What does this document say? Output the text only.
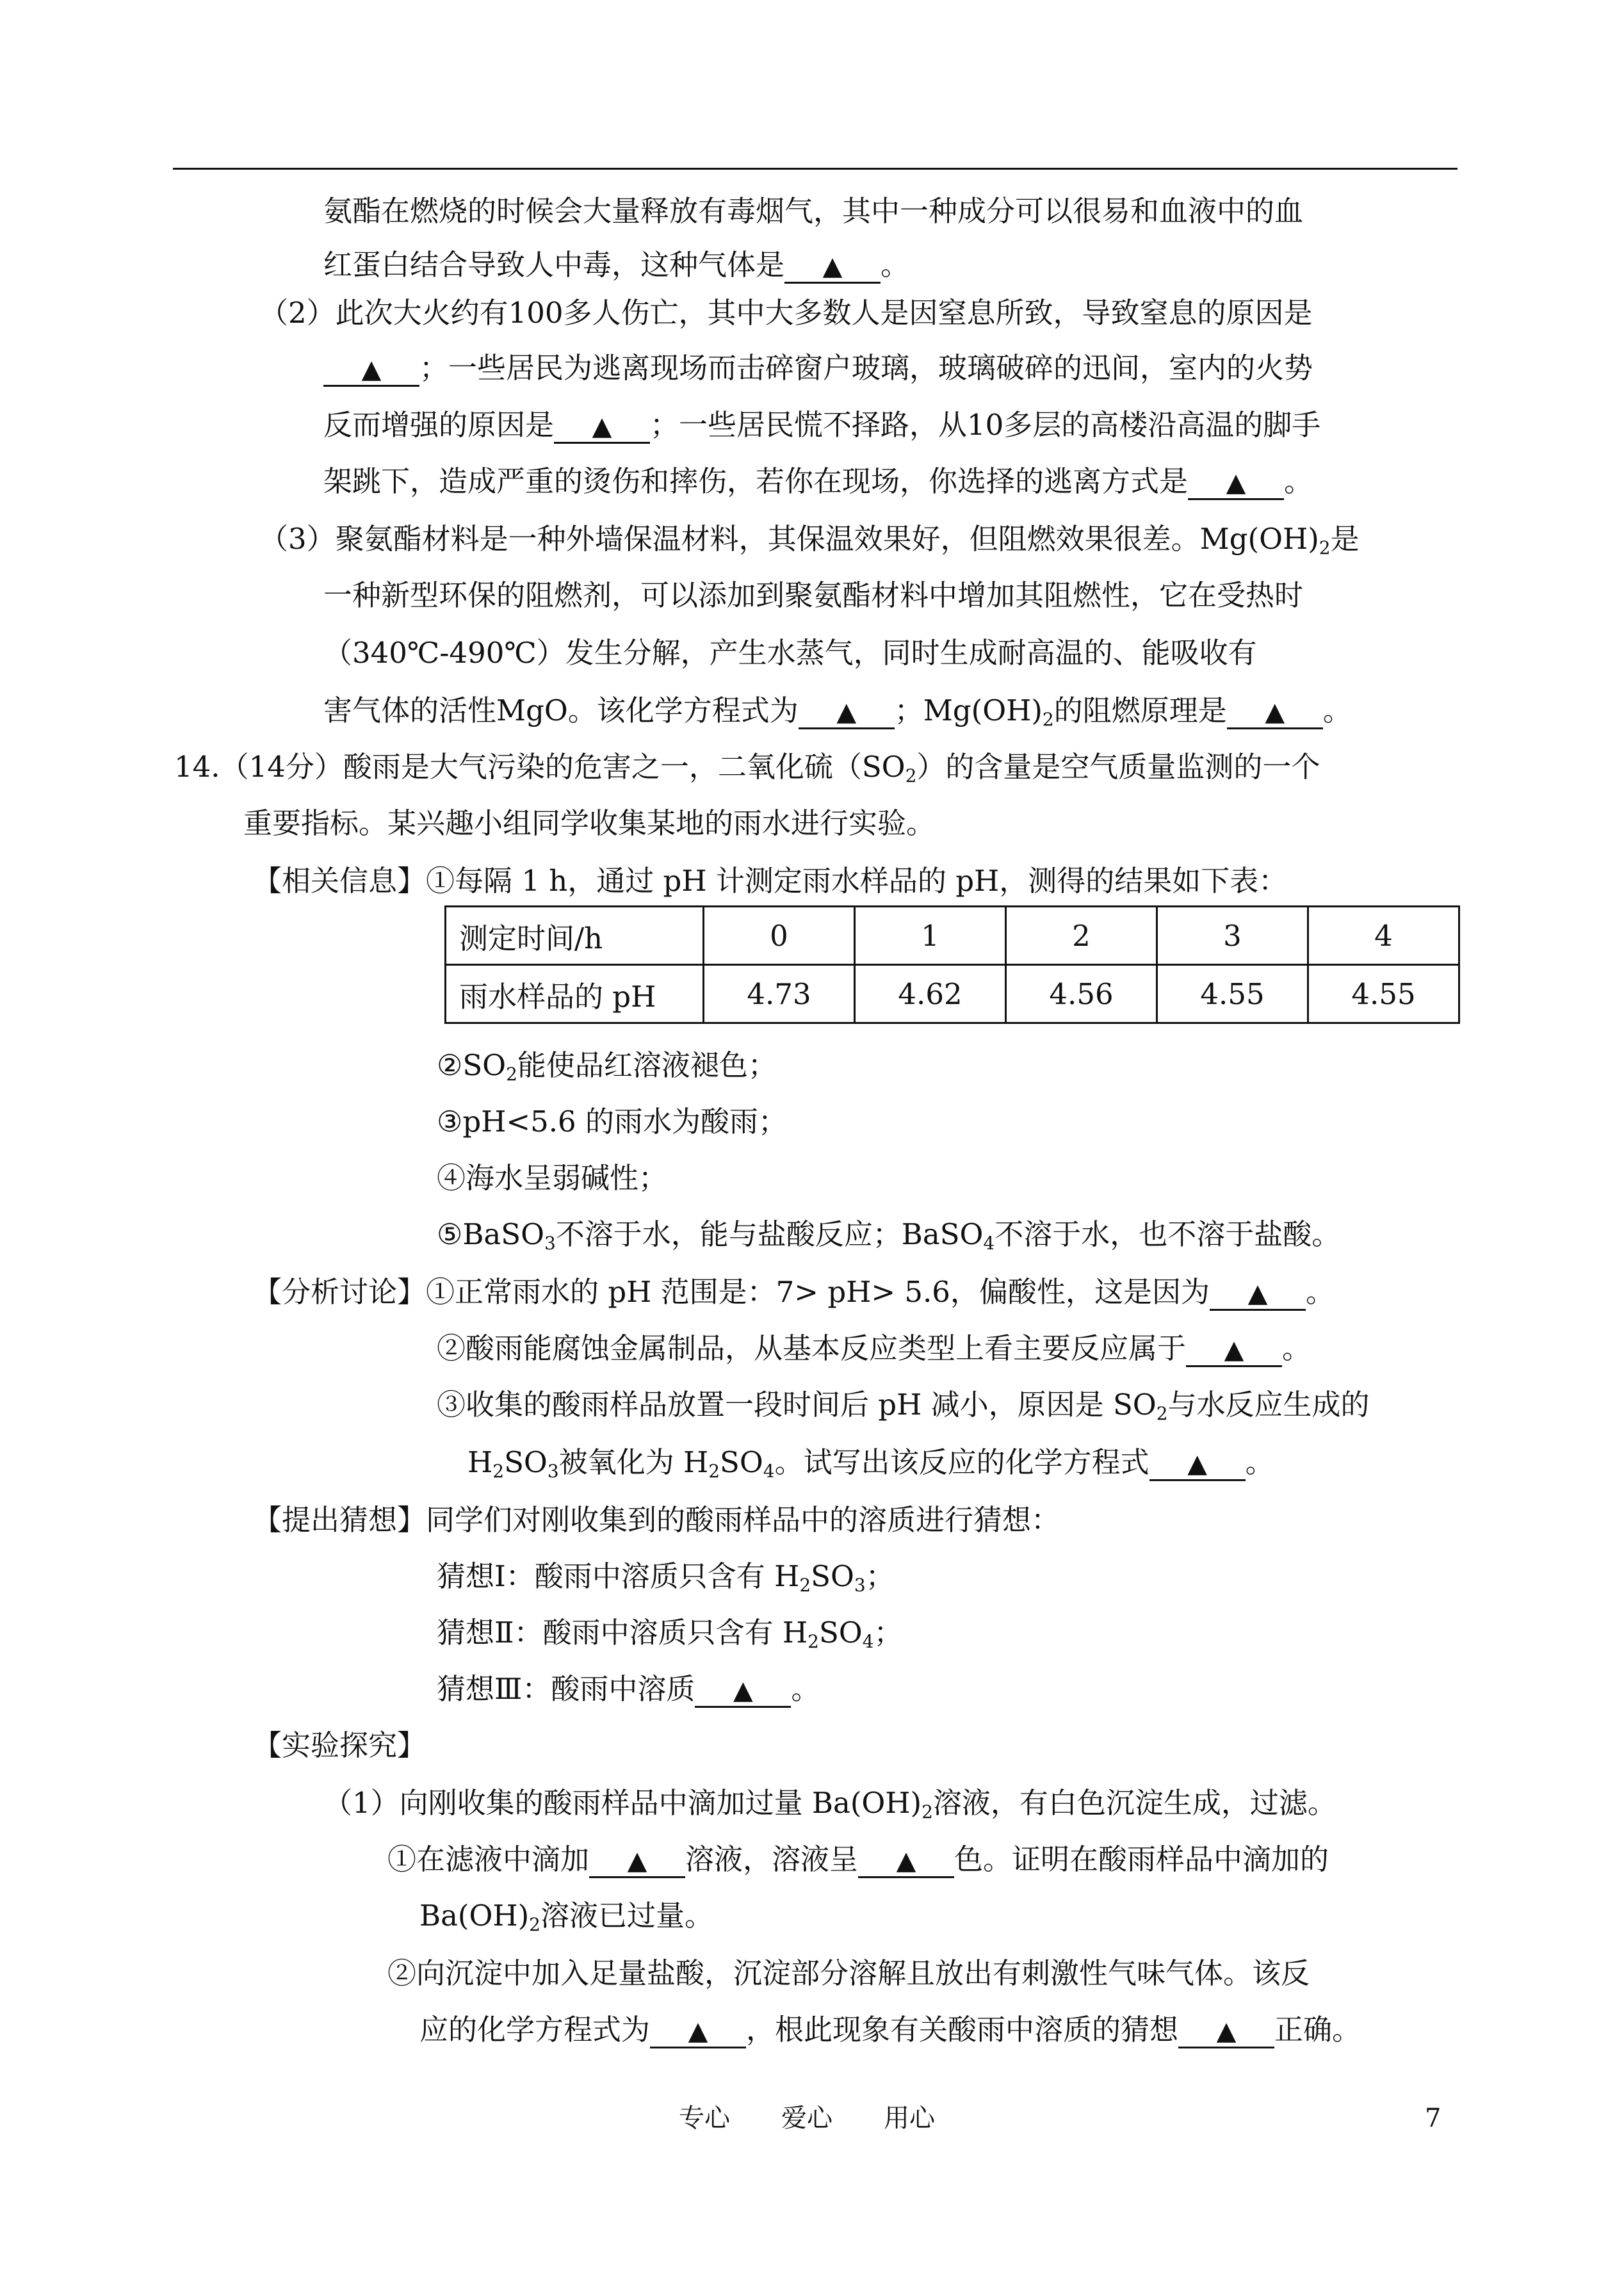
氨酯在燃烧的时候会大量释放有毒烟气，其中一种成分可以很易和血液中的血
红蛋白结合导致人中毒，这种气体是 ▲ 。
（2）此次大火约有100多人伤亡，其中大多数人是因窒息所致，导致窒息的原因是
▲ ；一些居民为逃离现场而击碎窗户玻璃，玻璃破碎的迅间，室内的火势
反而增强的原因是 ▲ ；一些居民慌不择路，从10多层的高楼沿高温的脚手
架跳下，造成严重的烫伤和摔伤，若你在现场，你选择的逃离方式是 ▲ 。
（3）聚氨酯材料是一种外墙保温材料，其保温效果好，但阻燃效果很差。$Mg(OH)_2$是
一种新型环保的阻燃剂，可以添加到聚氨酯材料中增加其阻燃性，它在受热时
（340℃-490℃）发生分解，产生水蒸气，同时生成耐高温的、能吸收有
害气体的活性MgO。该化学方程式为 ▲ ；$Mg(OH)_2$的阻燃原理是 ▲ 。
14.（14分）酸雨是大气污染的危害之一，二氧化硫$(SO_2)$的含量是空气质量监测的一个
重要指标。某兴趣小组同学收集某地的雨水进行实验。
【相关信息】①每隔 1 h，通过 pH 计测定雨水样品的 pH，测得的结果如下表：
测定时间/h	0	1	2	3	4
雨水样品的 pH	4.73	4.62	4.56	4.55	4.55
$②SO_2$能使品红溶液褪色；
③pH<5.6 的雨水为酸雨；
④海水呈弱碱性；
⑤BaSO$_3$不溶于水，能与盐酸反应；BaSO$_4$不溶于水，也不溶于盐酸。
【分析讨论】①正常雨水的 pH 范围是：7> pH> 5.6，偏酸性，这是因为 ▲ 。
②酸雨能腐蚀金属制品，从基本反应类型上看主要反应属于 ▲ 。
③收集的酸雨样品放置一段时间后 pH 减小，原因是 $SO_2$与水反应生成的
$H_2SO_3$被氧化为 $H_2SO_4$。试写出该反应的化学方程式 ▲ 。
【提出猜想】同学们对刚收集到的酸雨样品中的溶质进行猜想：
猜想Ⅰ：酸雨中溶质只含有 $H_2SO_3$；
猜想Ⅱ：酸雨中溶质只含有 $H_2SO_4$；
猜想Ⅲ：酸雨中溶质 ▲ 。
【实验探究】
（1）向刚收集的酸雨样品中滴加过量 $Ba(OH)_2$溶液，有白色沉淀生成，过滤。
①在滤液中滴加 ▲ 溶液，溶液呈 ▲ 色。证明在酸雨样品中滴加的
$Ba(OH)_2$溶液已过量。
②向沉淀中加入足量盐酸，沉淀部分溶解且放出有刺激性气味气体。该反
应的化学方程式为 ▲ ，根此现象有关酸雨中溶质的猜想 ▲ 正确。
专心　　爱心　　用心	7
